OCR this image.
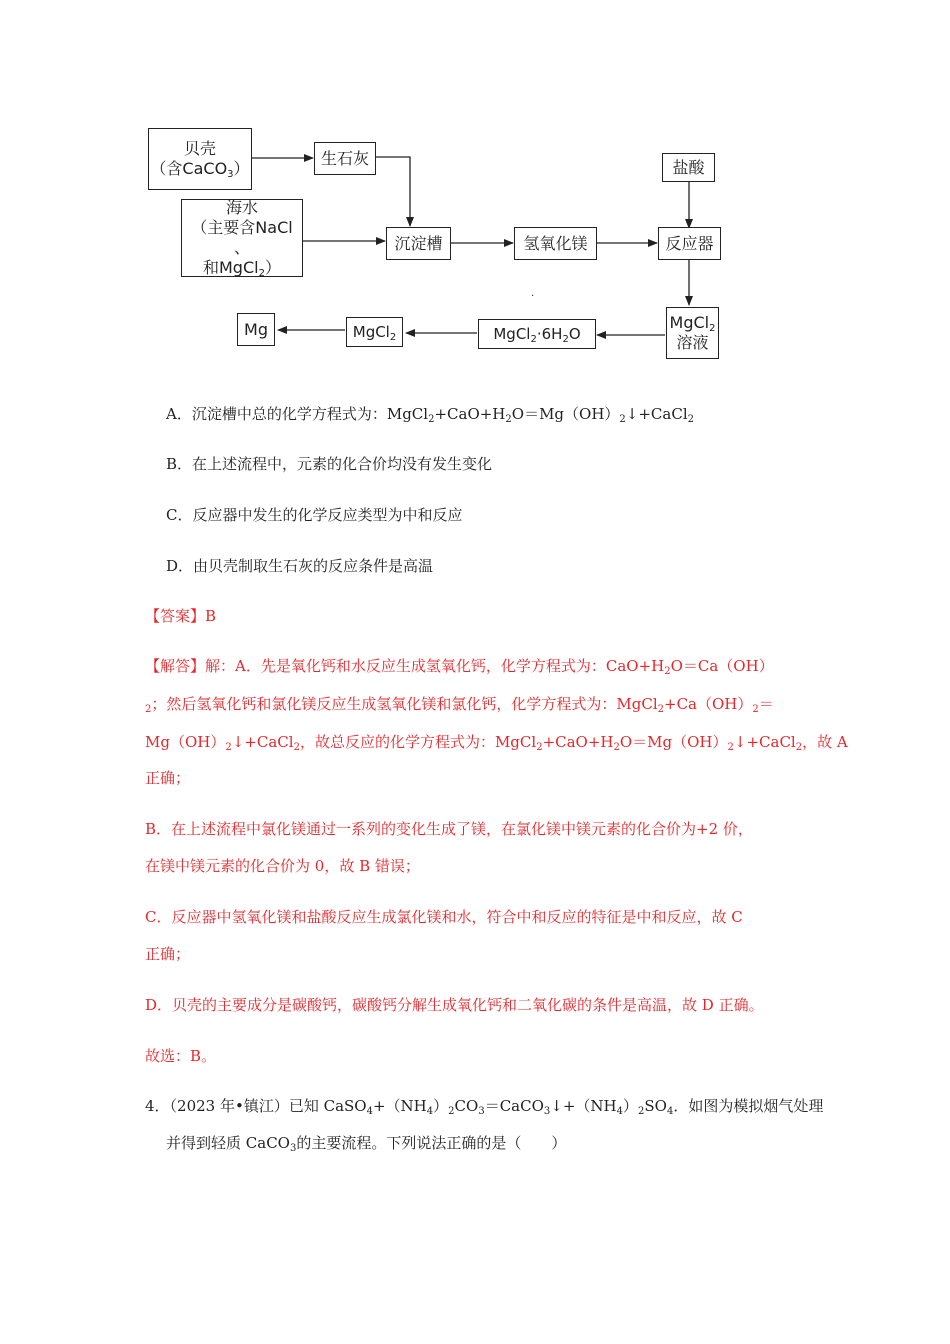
贝壳
（含CaCO$_3$）
生石灰	盐酸
海水
（主要含NaCl 、
和MgCl$_2$）
沉淀槽	氢氧化镁	反应器
.
MgCl$_2$
溶液
$MgCl_2\cdot 6H_2O$
MgCl$_2$
Mg
A．沉淀槽中总的化学方程式为：$MgCl_2+CaO+H_2O=Mg(OH)_2↓+CaCl_2$
B．在上述流程中，元素的化合价均没有发生变化
C．反应器中发生的化学反应类型为中和反应
D．由贝壳制取生石灰的反应条件是高温
【答案】B
【解答】解：A．先是氧化钙和水反应生成氢氧化钙，化学方程式为：$CaO+H_2O=Ca(OH)$
$_2$；然后氢氧化钙和氯化镁反应生成氢氧化镁和氯化钙，化学方程式为：$MgCl_2+Ca(OH)_2=$
$Mg(OH)_2↓+CaCl_2$，故总反应的化学方程式为：$MgCl_2+CaO+H_2O=Mg(OH)_2↓+CaCl_2$，故 A
正确；
B．在上述流程中氯化镁通过一系列的变化生成了镁，在氯化镁中镁元素的化合价为+2 价，
在镁中镁元素的化合价为 0，故 B 错误；
C．反应器中氢氧化镁和盐酸反应生成氯化镁和水，符合中和反应的特征是中和反应，故 C
正确；
D．贝壳的主要成分是碳酸钙，碳酸钙分解生成氧化钙和二氧化碳的条件是高温，故 D 正确。
故选：B。
4．（2023 年•镇江）已知 $CaSO_4+(NH_4)_2CO_3=CaCO_3↓+(NH_4)_2SO_4$．如图为模拟烟气处理
并得到轻质 CaCO$_3$的主要流程。下列说法正确的是（　　）
